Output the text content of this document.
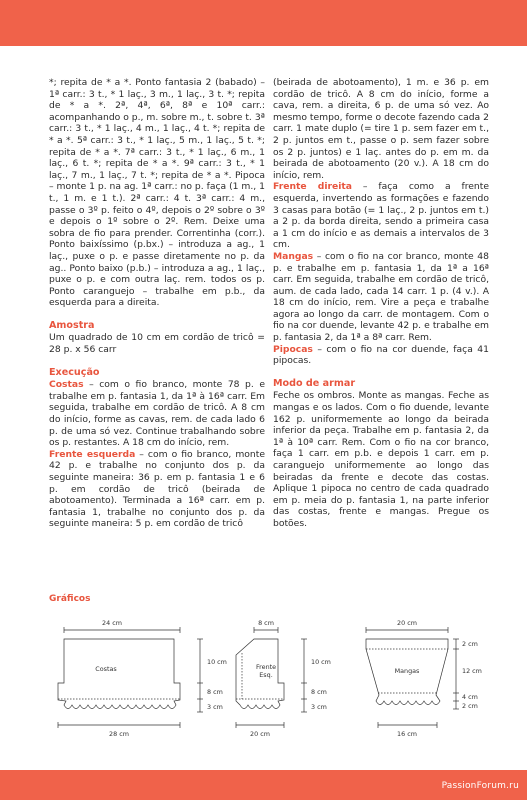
*; repita de * a *. Ponto fantasia 2 (babado) – 1ª carr.: 3 t., * 1 laç., 3 m., 1 laç., 3 t. *; repita de * a *. 2ª, 4ª, 6ª, 8ª e 10ª carr.: acompanhando o p., m. sobre m., t. sobre t. 3ª carr.: 3 t., * 1 laç., 4 m., 1 laç., 4 t. *; repita de * a *. 5ª carr.: 3 t., * 1 laç., 5 m., 1 laç., 5 t. *; repita de * a *. 7ª carr.: 3 t., * 1 laç., 6 m., 1 laç., 6 t. *; repita de * a *. 9ª carr.: 3 t., * 1 laç., 7 m., 1 laç., 7 t. *; repita de * a *. Pipoca – monte 1 p. na ag. 1ª carr.: no p. faça (1 m., 1 t., 1 m. e 1 t.). 2ª carr.: 4 t. 3ª carr.: 4 m., passe o 3º p. feito o 4º, depois o 2º sobre o 3º e depois o 1º sobre o 2º. Rem. Deixe uma sobra de fio para prender. Correntinha (corr.). Ponto baixíssimo (p.bx.) – introduza a ag., 1 laç., puxe o p. e passe diretamente no p. da ag.. Ponto baixo (p.b.) – introduza a ag., 1 laç., puxe o p. e com outra laç. rem. todos os p. Ponto caranguejo – trabalhe em p.b., da esquerda para a direita.

Amostra

Um quadrado de 10 cm em cordão de tricô = 28 p. x 56 carr

Execução

Costas – com o fio branco, monte 78 p. e trabalhe em p. fantasia 1, da 1ª à 16ª carr. Em seguida, trabalhe em cordão de tricô. A 8 cm do início, forme as cavas, rem. de cada lado 6 p. de uma só vez. Continue trabalhando sobre os p. restantes. A 18 cm do início, rem.

Frente esquerda – com o fio branco, monte 42 p. e trabalhe no conjunto dos p. da seguinte maneira: 36 p. em p. fantasia 1 e 6 p. em cordão de tricô (beirada de abotoamento). Terminada a 16ª carr. em p. fantasia 1, trabalhe no conjunto dos p. da seguinte maneira: 5 p. em cordão de tricô

(beirada de abotoamento), 1 m. e 36 p. em cordão de tricô. A 8 cm do início, forme a cava, rem. a direita, 6 p. de uma só vez. Ao mesmo tempo, forme o decote fazendo cada 2 carr. 1 mate duplo (= tire 1 p. sem fazer em t., 2 p. juntos em t., passe o p. sem fazer sobre os 2 p. juntos) e 1 laç. antes do p. em m. da beirada de abotoamento (20 v.). A 18 cm do início, rem.

Frente direita – faça como a frente esquerda, invertendo as formações e fazendo 3 casas para botão (= 1 laç., 2 p. juntos em t.) a 2 p. da borda direita, sendo a primeira casa a 1 cm do início e as demais a intervalos de 3 cm.

Mangas – com o fio na cor branco, monte 48 p. e trabalhe em p. fantasia 1, da 1ª a 16ª carr. Em seguida, trabalhe em cordão de tricô, aum. de cada lado, cada 14 carr. 1 p. (4 v.). A 18 cm do início, rem. Vire a peça e trabalhe agora ao longo da carr. de montagem. Com o fio na cor duende, levante 42 p. e trabalhe em p. fantasia 2, da 1ª a 8ª carr. Rem.

Pipocas – com o fio na cor duende, faça 41 pipocas.

Modo de armar

Feche os ombros. Monte as mangas. Feche as mangas e os lados. Com o fio duende, levante 162 p. uniformemente ao longo da beirada inferior da peça. Trabalhe em p. fantasia 2, da 1ª à 10ª carr. Rem. Com o fio na cor branco, faça 1 carr. em p.b. e depois 1 carr. em p. caranguejo uniformemente ao longo das beiradas da frente e decote das costas. Aplique 1 pipoca no centro de cada quadrado em p. meia do p. fantasia 1, na parte inferior das costas, frente e mangas. Pregue os botões.

Gráficos
24 cm
Costas
28 cm
10 cm
8 cm
3 cm
8 cm
Frente
Esq.
20 cm
10 cm
8 cm
3 cm
20 cm
Mangas
16 cm
2 cm
12 cm
4 cm
2 cm
PassionForum.ru
